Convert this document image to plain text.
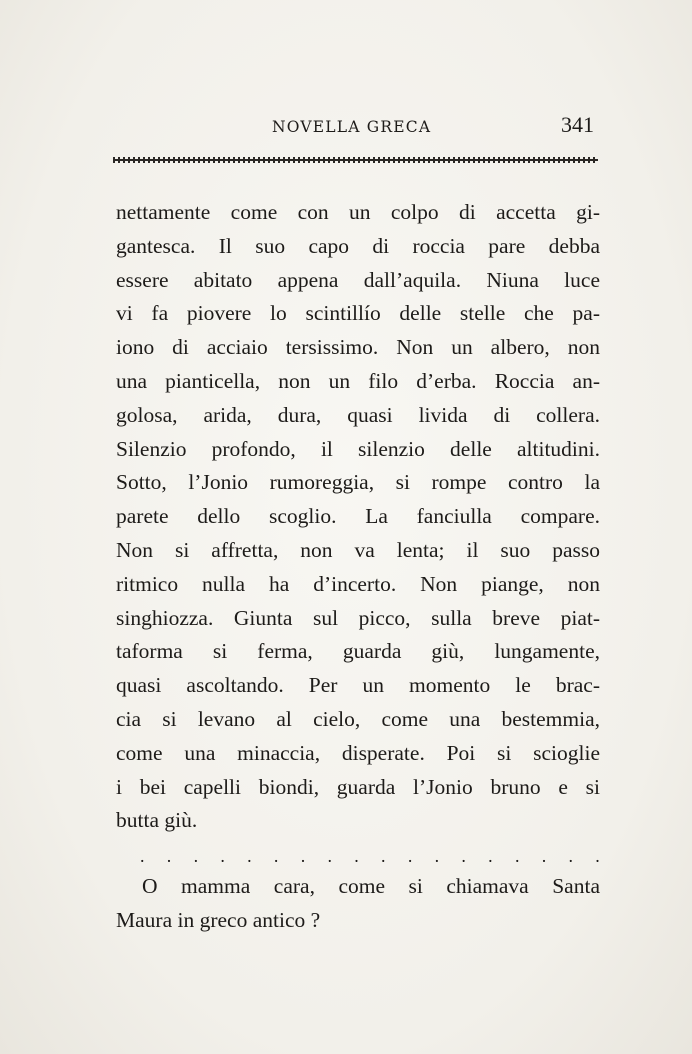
NOVELLA GRECA	341
nettamente come con un colpo di accetta gi-
gantesca. Il suo capo di roccia pare debba
essere abitato appena dall’aquila. Niuna luce
vi fa piovere lo scintillío delle stelle che pa-
iono di acciaio tersissimo. Non un albero, non
una pianticella, non un filo d’erba. Roccia an-
golosa, arida, dura, quasi livida di collera.
Silenzio profondo, il silenzio delle altitudini.
Sotto, l’Jonio rumoreggia, si rompe contro la
parete dello scoglio. La fanciulla compare.
Non si affretta, non va lenta; il suo passo
ritmico nulla ha d’incerto. Non piange, non
singhiozza. Giunta sul picco, sulla breve piat-
taforma si ferma, guarda giù, lungamente,
quasi ascoltando. Per un momento le brac-
cia si levano al cielo, come una bestemmia,
come una minaccia, disperate. Poi si scioglie
i bei capelli biondi, guarda l’Jonio bruno e si
butta giù.
. . . . . . . . . . . . . . . . . .
O mamma cara, come si chiamava Santa
Maura in greco antico ?
